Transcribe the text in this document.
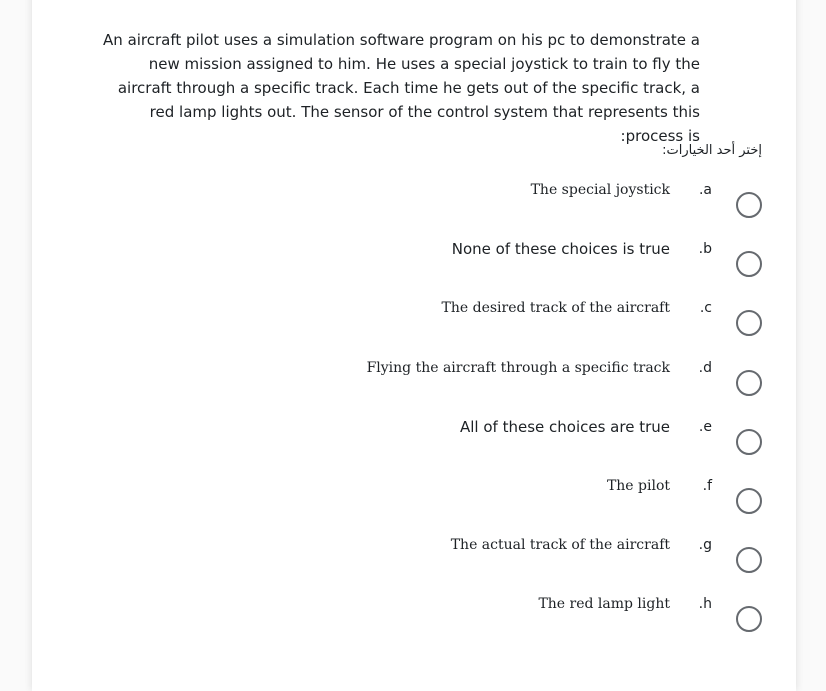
An aircraft pilot uses a simulation software program on his pc to demonstrate a new mission assigned to him. He uses a special joystick to train to fly the aircraft through a specific track. Each time he gets out of the specific track, a red lamp lights out. The sensor of the control system that represents this process is:

إختر أحد الخيارات:
a.
The special joystick
b.
None of these choices is true
c.
The desired track of the aircraft
d.
Flying the aircraft through a specific track
e.
All of these choices are true
f.
The pilot
g.
The actual track of the aircraft
h.
The red lamp light
